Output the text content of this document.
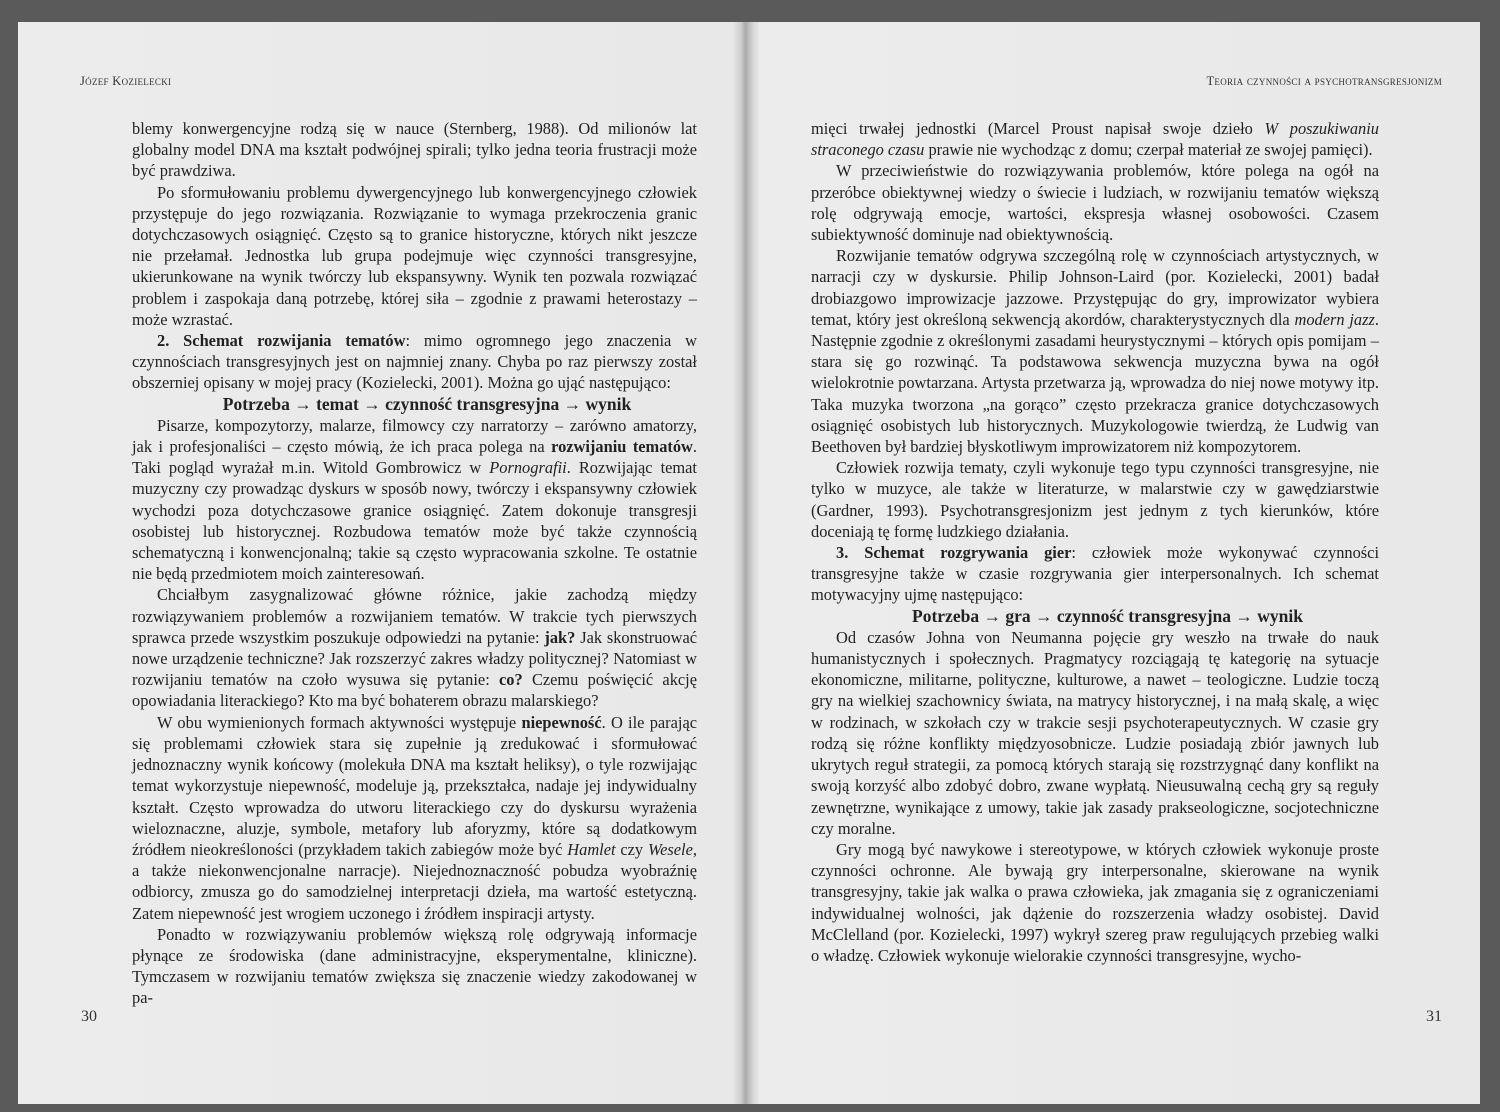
Józef Kozielecki

blemy konwergencyjne rodzą się w nauce (Sternberg, 1988). Od milionów lat globalny model DNA ma kształt podwójnej spirali; tylko jedna teoria frustracji może być prawdziwa.

Po sformułowaniu problemu dywergencyjnego lub konwergencyjnego człowiek przystępuje do jego rozwiązania. Rozwiązanie to wymaga przekroczenia granic dotychczasowych osiągnięć. Często są to granice historyczne, których nikt jeszcze nie przełamał. Jednostka lub grupa podejmuje więc czynności transgresyjne, ukierunkowane na wynik twórczy lub ekspansywny. Wynik ten pozwala rozwiązać problem i zaspokaja daną potrzebę, której siła – zgodnie z prawami heterostazy – może wzrastać.

2. Schemat rozwijania tematów: mimo ogromnego jego znaczenia w czynnościach transgresyjnych jest on najmniej znany. Chyba po raz pierwszy został obszerniej opisany w mojej pracy (Kozielecki, 2001). Można go ująć następująco:

Potrzeba → temat → czynność transgresyjna → wynik

Pisarze, kompozytorzy, malarze, filmowcy czy narratorzy – zarówno amatorzy, jak i profesjonaliści – często mówią, że ich praca polega na rozwijaniu tematów. Taki pogląd wyrażał m.in. Witold Gombrowicz w Pornografii. Rozwijając temat muzyczny czy prowadząc dyskurs w sposób nowy, twórczy i ekspansywny człowiek wychodzi poza dotychczasowe granice osiągnięć. Zatem dokonuje transgresji osobistej lub historycznej. Rozbudowa tematów może być także czynnością schematyczną i konwencjonalną; takie są często wypracowania szkolne. Te ostatnie nie będą przedmiotem moich zainteresowań.

Chciałbym zasygnalizować główne różnice, jakie zachodzą między rozwiązywaniem problemów a rozwijaniem tematów. W trakcie tych pierwszych sprawca przede wszystkim poszukuje odpowiedzi na pytanie: jak? Jak skonstruować nowe urządzenie techniczne? Jak rozszerzyć zakres władzy politycznej? Natomiast w rozwijaniu tematów na czoło wysuwa się pytanie: co? Czemu poświęcić akcję opowiadania literackiego? Kto ma być bohaterem obrazu malarskiego?

W obu wymienionych formach aktywności występuje niepewność. O ile parając się problemami człowiek stara się zupełnie ją zredukować i sformułować jednoznaczny wynik końcowy (molekuła DNA ma kształt heliksy), o tyle rozwijając temat wykorzystuje niepewność, modeluje ją, przekształca, nadaje jej indywidualny kształt. Często wprowadza do utworu literackiego czy do dyskursu wyrażenia wieloznaczne, aluzje, symbole, metafory lub aforyzmy, które są dodatkowym źródłem nieokreśloności (przykładem takich zabiegów może być Hamlet czy Wesele, a także niekonwencjonalne narracje). Niejednoznaczność pobudza wyobraźnię odbiorcy, zmusza go do samodzielnej interpretacji dzieła, ma wartość estetyczną. Zatem niepewność jest wrogiem uczonego i źródłem inspiracji artysty.

Ponadto w rozwiązywaniu problemów większą rolę odgrywają informacje płynące ze środowiska (dane administracyjne, eksperymentalne, kliniczne). Tymczasem w rozwijaniu tematów zwiększa się znaczenie wiedzy zakodowanej w pa-

30
Teoria czynności a psychotransgresjonizm

mięci trwałej jednostki (Marcel Proust napisał swoje dzieło W poszukiwaniu straconego czasu prawie nie wychodząc z domu; czerpał materiał ze swojej pamięci).

W przeciwieństwie do rozwiązywania problemów, które polega na ogół na przeróbce obiektywnej wiedzy o świecie i ludziach, w rozwijaniu tematów większą rolę odgrywają emocje, wartości, ekspresja własnej osobowości. Czasem subiektywność dominuje nad obiektywnością.

Rozwijanie tematów odgrywa szczególną rolę w czynnościach artystycznych, w narracji czy w dyskursie. Philip Johnson-Laird (por. Kozielecki, 2001) badał drobiazgowo improwizacje jazzowe. Przystępując do gry, improwizator wybiera temat, który jest określoną sekwencją akordów, charakterystycznych dla modern jazz. Następnie zgodnie z określonymi zasadami heurystycznymi – których opis pomijam – stara się go rozwinąć. Ta podstawowa sekwencja muzyczna bywa na ogół wielokrotnie powtarzana. Artysta przetwarza ją, wprowadza do niej nowe motywy itp. Taka muzyka tworzona „na gorąco” często przekracza granice dotychczasowych osiągnięć osobistych lub historycznych. Muzykologowie twierdzą, że Ludwig van Beethoven był bardziej błyskotliwym improwizatorem niż kompozytorem.

Człowiek rozwija tematy, czyli wykonuje tego typu czynności transgresyjne, nie tylko w muzyce, ale także w literaturze, w malarstwie czy w gawędziarstwie (Gardner, 1993). Psychotransgresjonizm jest jednym z tych kierunków, które doceniają tę formę ludzkiego działania.

3. Schemat rozgrywania gier: człowiek może wykonywać czynności transgresyjne także w czasie rozgrywania gier interpersonalnych. Ich schemat motywacyjny ujmę następująco:

Potrzeba → gra → czynność transgresyjna → wynik

Od czasów Johna von Neumanna pojęcie gry weszło na trwałe do nauk humanistycznych i społecznych. Pragmatycy rozciągają tę kategorię na sytuacje ekonomiczne, militarne, polityczne, kulturowe, a nawet – teologiczne. Ludzie toczą gry na wielkiej szachownicy świata, na matrycy historycznej, i na małą skalę, a więc w rodzinach, w szkołach czy w trakcie sesji psychoterapeutycznych. W czasie gry rodzą się różne konflikty międzyosobnicze. Ludzie posiadają zbiór jawnych lub ukrytych reguł strategii, za pomocą których starają się rozstrzygnąć dany konflikt na swoją korzyść albo zdobyć dobro, zwane wypłatą. Nieusuwalną cechą gry są reguły zewnętrzne, wynikające z umowy, takie jak zasady prakseologiczne, socjotechniczne czy moralne.

Gry mogą być nawykowe i stereotypowe, w których człowiek wykonuje proste czynności ochronne. Ale bywają gry interpersonalne, skierowane na wynik transgresyjny, takie jak walka o prawa człowieka, jak zmagania się z ograniczeniami indywidualnej wolności, jak dążenie do rozszerzenia władzy osobistej. David McClelland (por. Kozielecki, 1997) wykrył szereg praw regulujących przebieg walki o władzę. Człowiek wykonuje wielorakie czynności transgresyjne, wycho-

31
